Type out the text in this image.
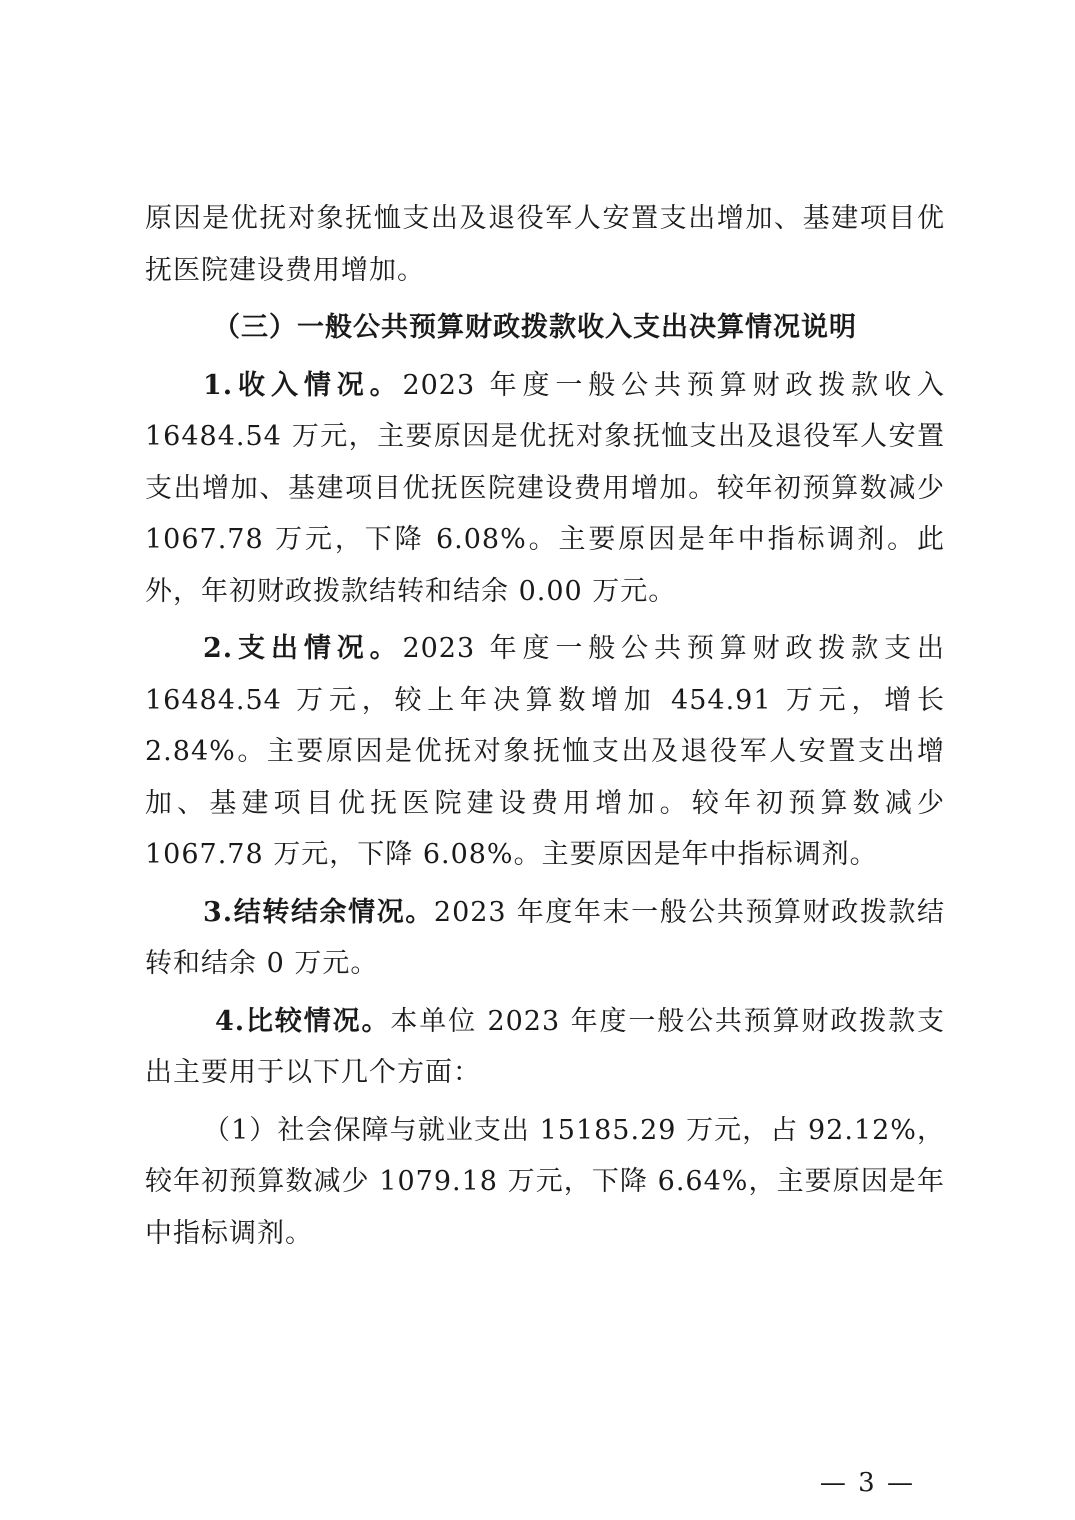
原因是优抚对象抚恤支出及退役军人安置支出增加、基建项目优抚医院建设费用增加。

（三）一般公共预算财政拨款收入支出决算情况说明

1.收入情况。2023 年度一般公共预算财政拨款收入 16484.54 万元，主要原因是优抚对象抚恤支出及退役军人安置支出增加、基建项目优抚医院建设费用增加。较年初预算数减少 1067.78 万元，下降 6.08%。主要原因是年中指标调剂。此外，年初财政拨款结转和结余 0.00 万元。

2.支出情况。2023 年度一般公共预算财政拨款支出 16484.54 万元，较上年决算数增加 454.91 万元，增长 2.84%。主要原因是优抚对象抚恤支出及退役军人安置支出增加、基建项目优抚医院建设费用增加。较年初预算数减少 1067.78 万元，下降 6.08%。主要原因是年中指标调剂。

3.结转结余情况。2023 年度年末一般公共预算财政拨款结转和结余 0 万元。

4.比较情况。本单位 2023 年度一般公共预算财政拨款支出主要用于以下几个方面：

（1）社会保障与就业支出 15185.29 万元，占 92.12%，较年初预算数减少 1079.18 万元，下降 6.64%，主要原因是年中指标调剂。

— 3 —
